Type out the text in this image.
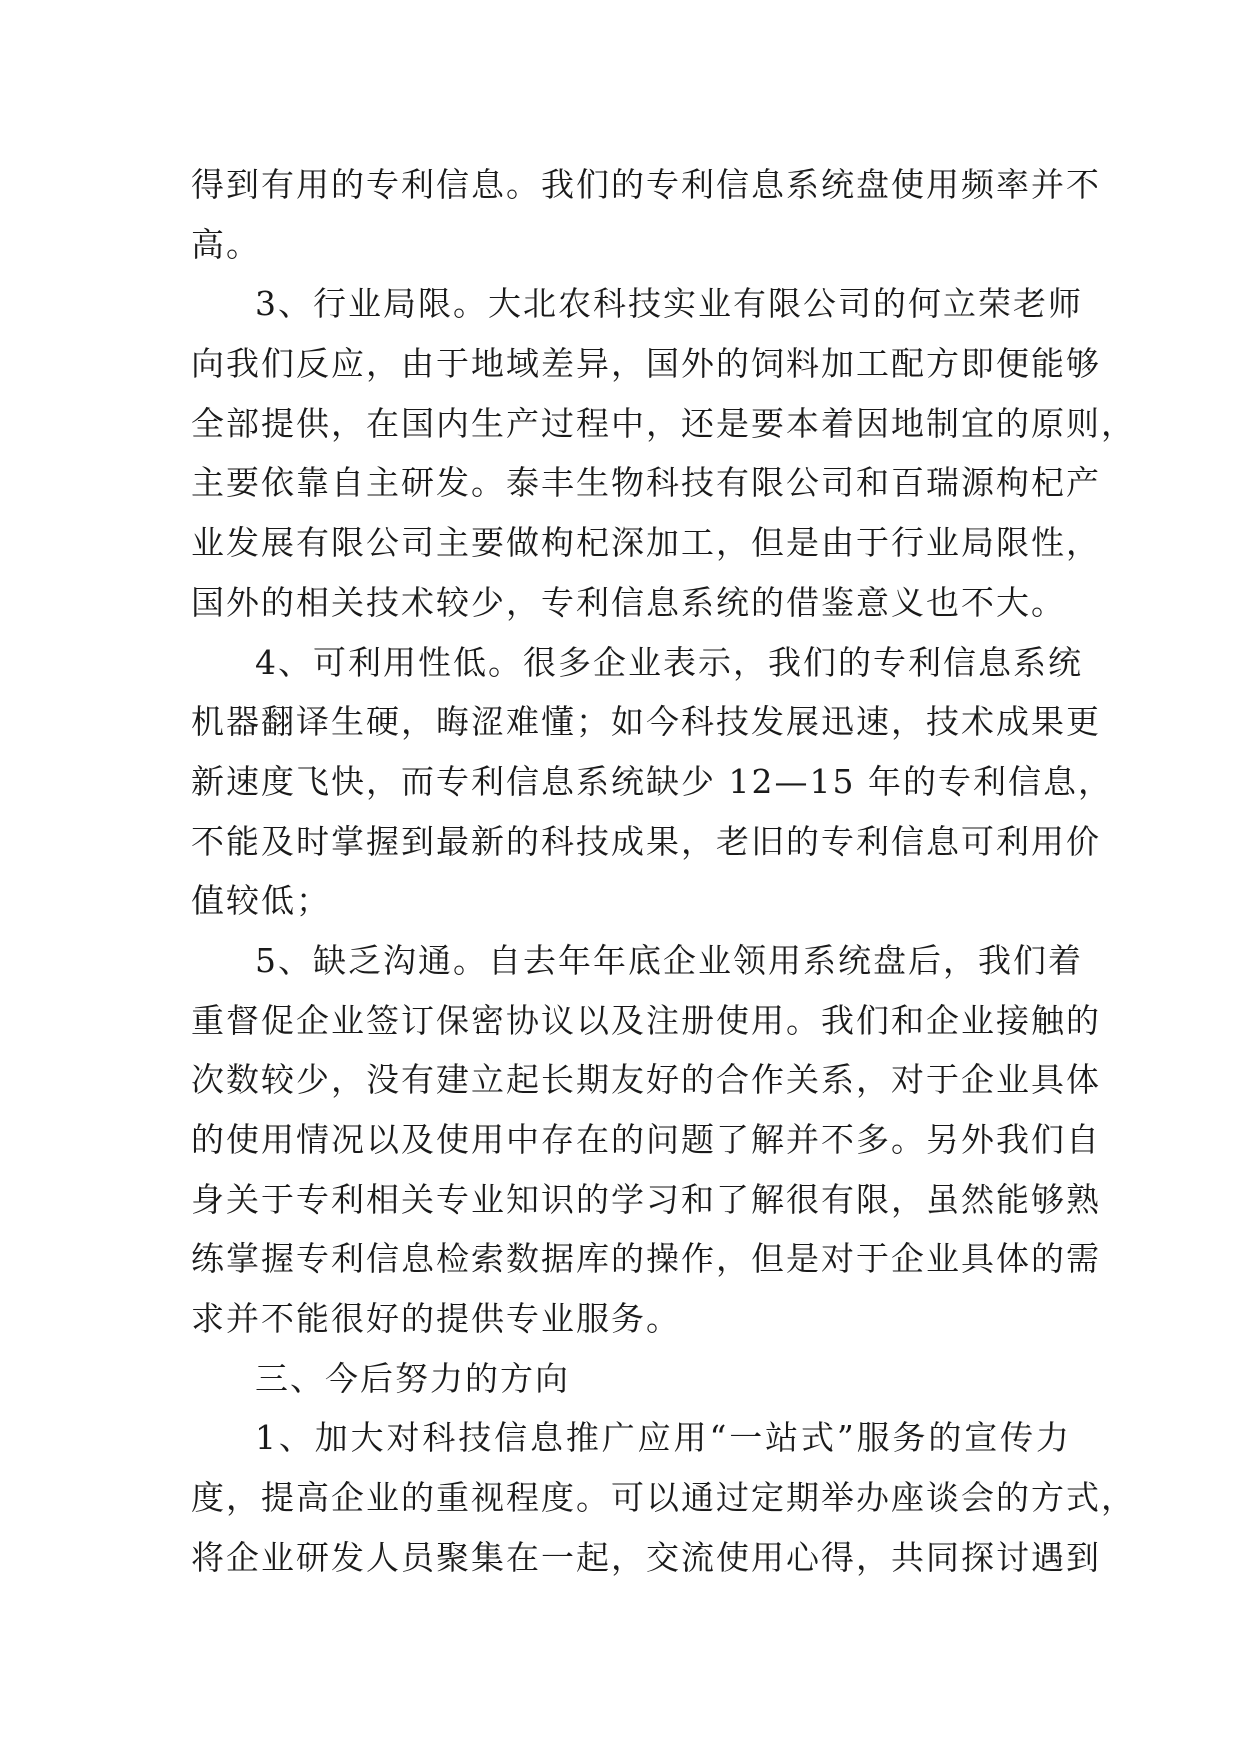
得到有用的专利信息。我们的专利信息系统盘使用频率并不
高。
3、行业局限。大北农科技实业有限公司的何立荣老师
向我们反应，由于地域差异，国外的饲料加工配方即便能够
全部提供，在国内生产过程中，还是要本着因地制宜的原则，
主要依靠自主研发。泰丰生物科技有限公司和百瑞源枸杞产
业发展有限公司主要做枸杞深加工，但是由于行业局限性，
国外的相关技术较少，专利信息系统的借鉴意义也不大。
4、可利用性低。很多企业表示，我们的专利信息系统
机器翻译生硬，晦涩难懂；如今科技发展迅速，技术成果更
新速度飞快，而专利信息系统缺少 12—15 年的专利信息，
不能及时掌握到最新的科技成果，老旧的专利信息可利用价
值较低；
5、缺乏沟通。自去年年底企业领用系统盘后，我们着
重督促企业签订保密协议以及注册使用。我们和企业接触的
次数较少，没有建立起长期友好的合作关系，对于企业具体
的使用情况以及使用中存在的问题了解并不多。另外我们自
身关于专利相关专业知识的学习和了解很有限，虽然能够熟
练掌握专利信息检索数据库的操作，但是对于企业具体的需
求并不能很好的提供专业服务。
三、今后努力的方向
1、加大对科技信息推广应用“一站式”服务的宣传力
度，提高企业的重视程度。可以通过定期举办座谈会的方式，
将企业研发人员聚集在一起，交流使用心得，共同探讨遇到
